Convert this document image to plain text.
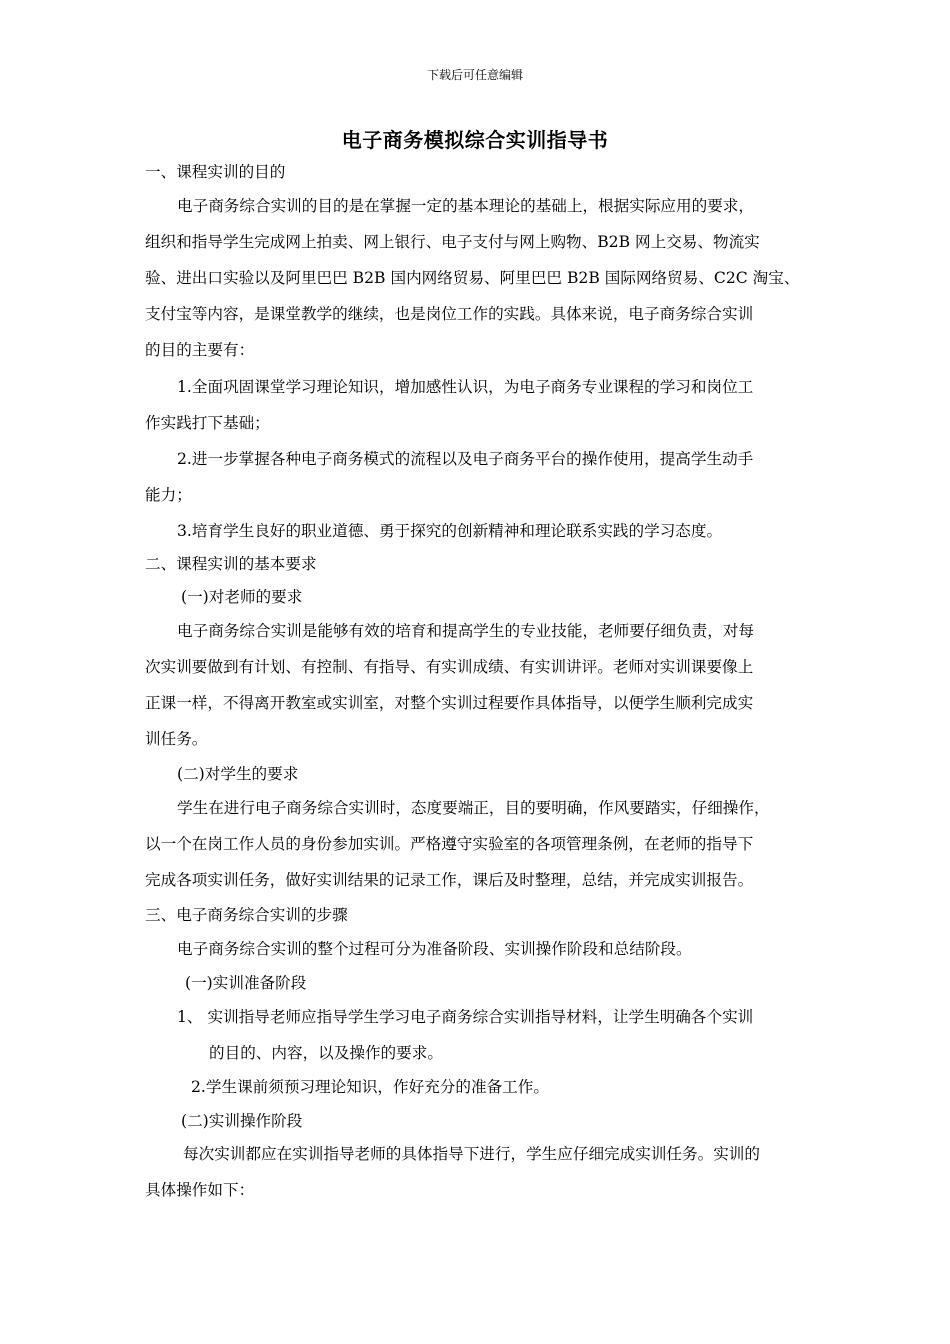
下载后可任意编辑
电子商务模拟综合实训指导书
一、课程实训的目的
电子商务综合实训的目的是在掌握一定的基本理论的基础上，根据实际应用的要求，
组织和指导学生完成网上拍卖、网上银行、电子支付与网上购物、B2B 网上交易、物流实
验、进出口实验以及阿里巴巴 B2B 国内网络贸易、阿里巴巴 B2B 国际网络贸易、C2C 淘宝、
支付宝等内容，是课堂教学的继续，也是岗位工作的实践。具体来说，电子商务综合实训
的目的主要有：
1.全面巩固课堂学习理论知识，增加感性认识，为电子商务专业课程的学习和岗位工
作实践打下基础；
2.进一步掌握各种电子商务模式的流程以及电子商务平台的操作使用，提高学生动手
能力；
3.培育学生良好的职业道德、勇于探究的创新精神和理论联系实践的学习态度。
二、课程实训的基本要求
(一)对老师的要求
电子商务综合实训是能够有效的培育和提高学生的专业技能，老师要仔细负责，对每
次实训要做到有计划、有控制、有指导、有实训成绩、有实训讲评。老师对实训课要像上
正课一样，不得离开教室或实训室，对整个实训过程要作具体指导，以便学生顺利完成实
训任务。
(二)对学生的要求
学生在进行电子商务综合实训时，态度要端正，目的要明确，作风要踏实，仔细操作，
以一个在岗工作人员的身份参加实训。严格遵守实验室的各项管理条例，在老师的指导下
完成各项实训任务，做好实训结果的记录工作，课后及时整理，总结，并完成实训报告。
三、电子商务综合实训的步骤
电子商务综合实训的整个过程可分为准备阶段、实训操作阶段和总结阶段。
(一)实训准备阶段
1、 实训指导老师应指导学生学习电子商务综合实训指导材料，让学生明确各个实训
的目的、内容，以及操作的要求。
2.学生课前须预习理论知识，作好充分的准备工作。
(二)实训操作阶段
每次实训都应在实训指导老师的具体指导下进行，学生应仔细完成实训任务。实训的
具体操作如下：
